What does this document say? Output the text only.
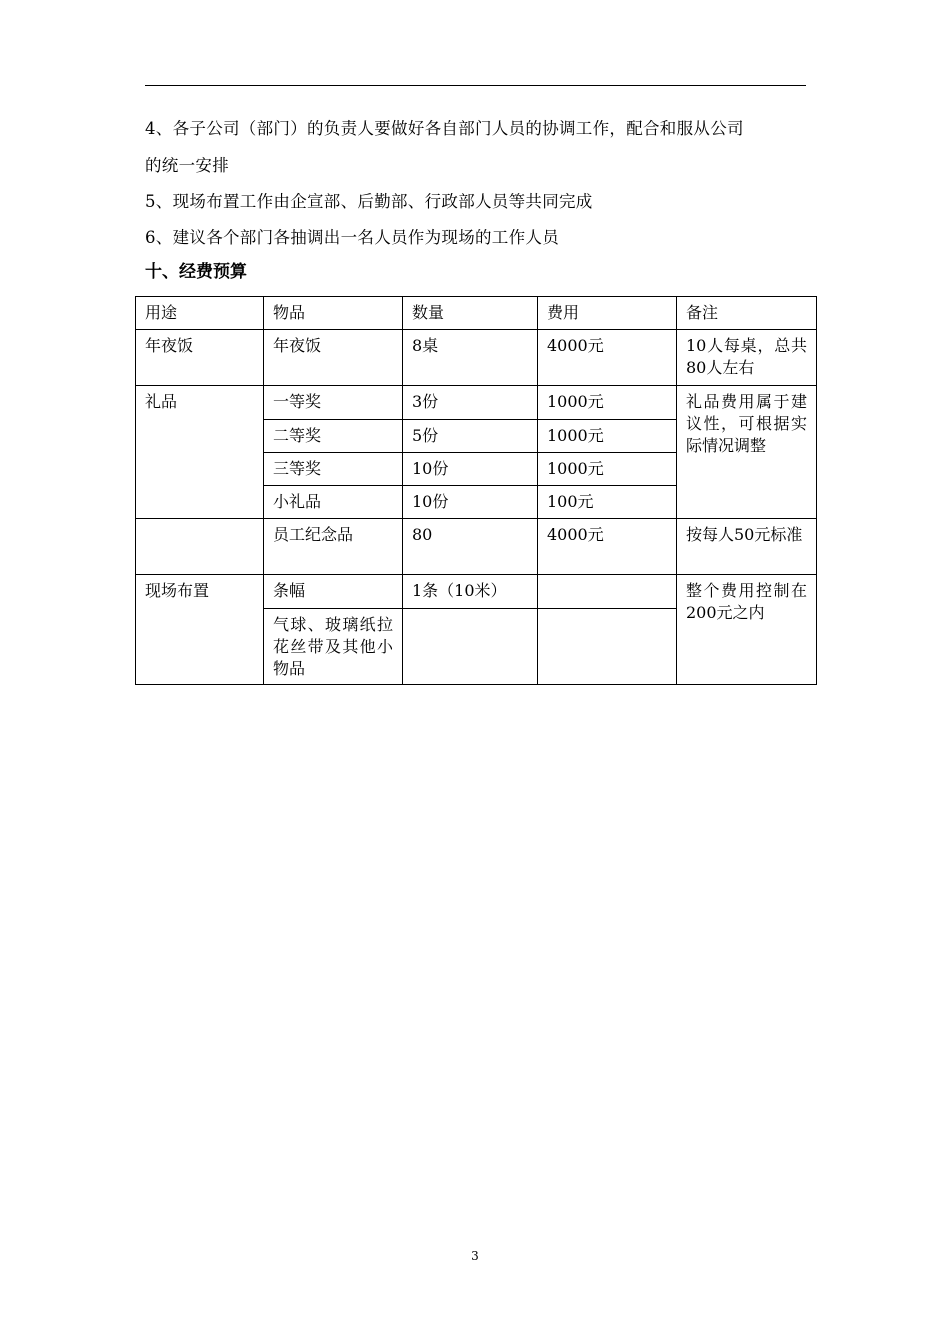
4、各子公司（部门）的负责人要做好各自部门人员的协调工作，配合和服从公司
的统一安排
5、现场布置工作由企宣部、后勤部、行政部人员等共同完成
6、建议各个部门各抽调出一名人员作为现场的工作人员
十、经费预算
用途	物品	数量	费用	备注
年夜饭	年夜饭	8桌	4000元	10人每桌，总共80人左右
礼品	一等奖	3份	1000元	礼品费用属于建议性，可根据实际情况调整
	二等奖	5份	1000元	
	三等奖	10份	1000元	
	小礼品	10份	100元	
	员工纪念品	80	4000元	按每人50元标准
现场布置	条幅	1条（10米）		整个费用控制在200元之内
	气球、玻璃纸拉花丝带及其他小物品			
3
